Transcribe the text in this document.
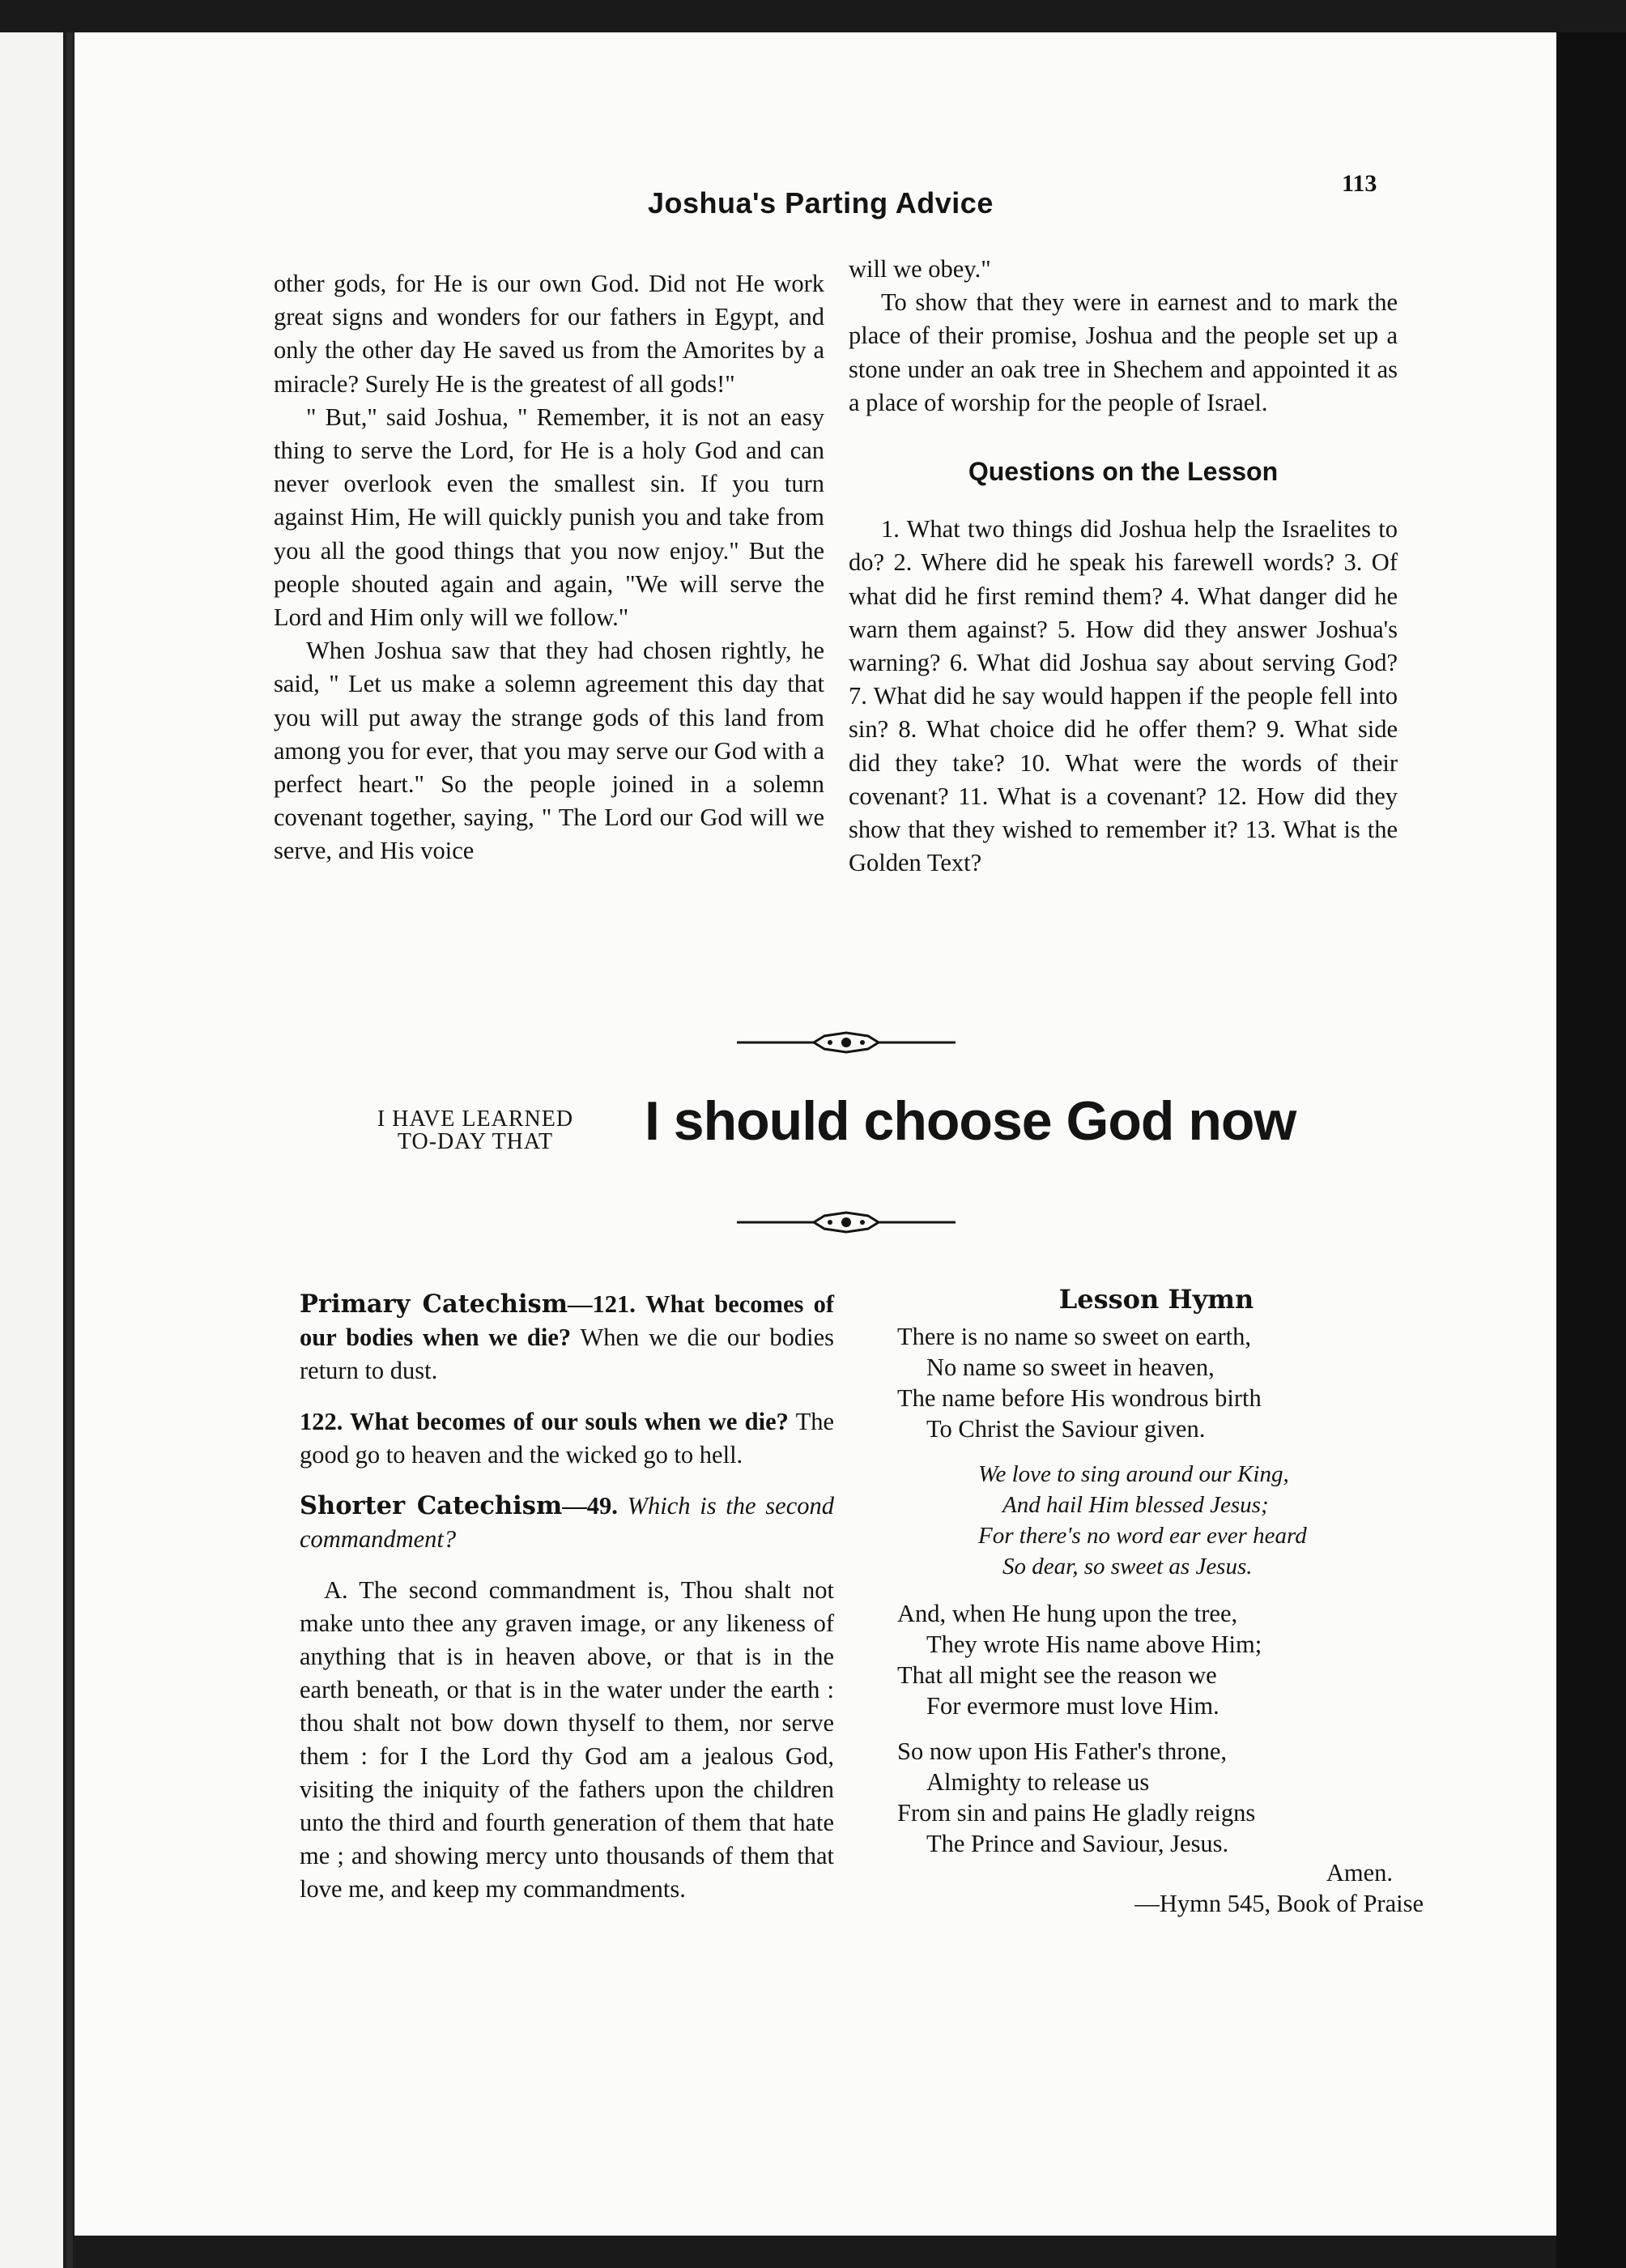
Joshua's Parting Advice
113

other gods, for He is our own God. Did not He work great signs and wonders for our fathers in Egypt, and only the other day He saved us from the Amorites by a miracle? Surely He is the greatest of all gods!"

" But," said Joshua, " Remember, it is not an easy thing to serve the Lord, for He is a holy God and can never overlook even the smallest sin. If you turn against Him, He will quickly punish you and take from you all the good things that you now enjoy." But the people shouted again and again, "We will serve the Lord and Him only will we follow."

When Joshua saw that they had chosen rightly, he said, " Let us make a solemn agreement this day that you will put away the strange gods of this land from among you for ever, that you may serve our God with a perfect heart." So the people joined in a solemn covenant together, saying, " The Lord our God will we serve, and His voice

will we obey."

To show that they were in earnest and to mark the place of their promise, Joshua and the people set up a stone under an oak tree in Shechem and appointed it as a place of worship for the people of Israel.

Questions on the Lesson

1. What two things did Joshua help the Israelites to do? 2. Where did he speak his farewell words? 3. Of what did he first remind them? 4. What danger did he warn them against? 5. How did they answer Joshua's warning? 6. What did Joshua say about serving God? 7. What did he say would happen if the people fell into sin? 8. What choice did he offer them? 9. What side did they take? 10. What were the words of their covenant? 11. What is a covenant? 12. How did they show that they wished to remember it? 13. What is the Golden Text?

I HAVE LEARNED
TO-DAY THAT	I should choose God now

Primary Catechism—121. What becomes of our bodies when we die? When we die our bodies return to dust.

122. What becomes of our souls when we die? The good go to heaven and the wicked go to hell.

Shorter Catechism—49. Which is the second commandment?

A. The second commandment is, Thou shalt not make unto thee any graven image, or any likeness of anything that is in heaven above, or that is in the earth beneath, or that is in the water under the earth : thou shalt not bow down thyself to them, nor serve them : for I the Lord thy God am a jealous God, visiting the iniquity of the fathers upon the children unto the third and fourth generation of them that hate me ; and showing mercy unto thousands of them that love me, and keep my commandments.

Lesson Hymn
There is no name so sweet on earth,
No name so sweet in heaven,
The name before His wondrous birth
To Christ the Saviour given.
We love to sing around our King,
And hail Him blessed Jesus;
For there's no word ear ever heard
So dear, so sweet as Jesus.
And, when He hung upon the tree,
They wrote His name above Him;
That all might see the reason we
For evermore must love Him.
So now upon His Father's throne,
Almighty to release us
From sin and pains He gladly reigns
The Prince and Saviour, Jesus.
Amen.
—Hymn 545, Book of Praise
